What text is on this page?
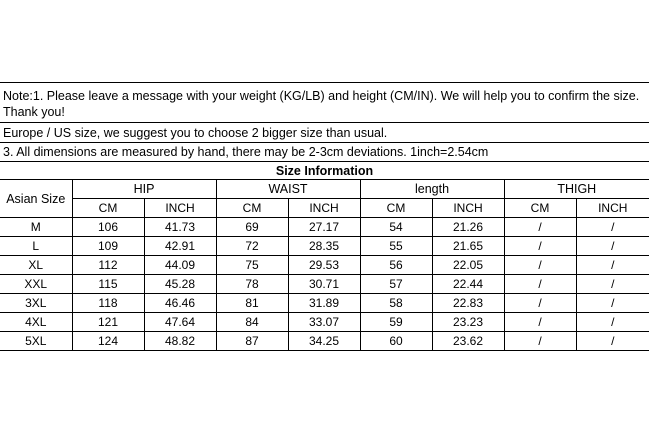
Note:1. Please leave a message with your weight (KG/LB) and height (CM/IN). We will help you to confirm the size. Thank you!
Europe / US size, we suggest you to choose 2 bigger size than usual.
3. All dimensions are measured by hand, there may be 2-3cm deviations. 1inch=2.54cm
Size Information
Asian Size	HIP		WAIST		length		THIGH	
	CM	INCH	CM	INCH	CM	INCH	CM	INCH
M	106	41.73	69	27.17	54	21.26	/	/
L	109	42.91	72	28.35	55	21.65	/	/
XL	112	44.09	75	29.53	56	22.05	/	/
XXL	115	45.28	78	30.71	57	22.44	/	/
3XL	118	46.46	81	31.89	58	22.83	/	/
4XL	121	47.64	84	33.07	59	23.23	/	/
5XL	124	48.82	87	34.25	60	23.62	/	/
